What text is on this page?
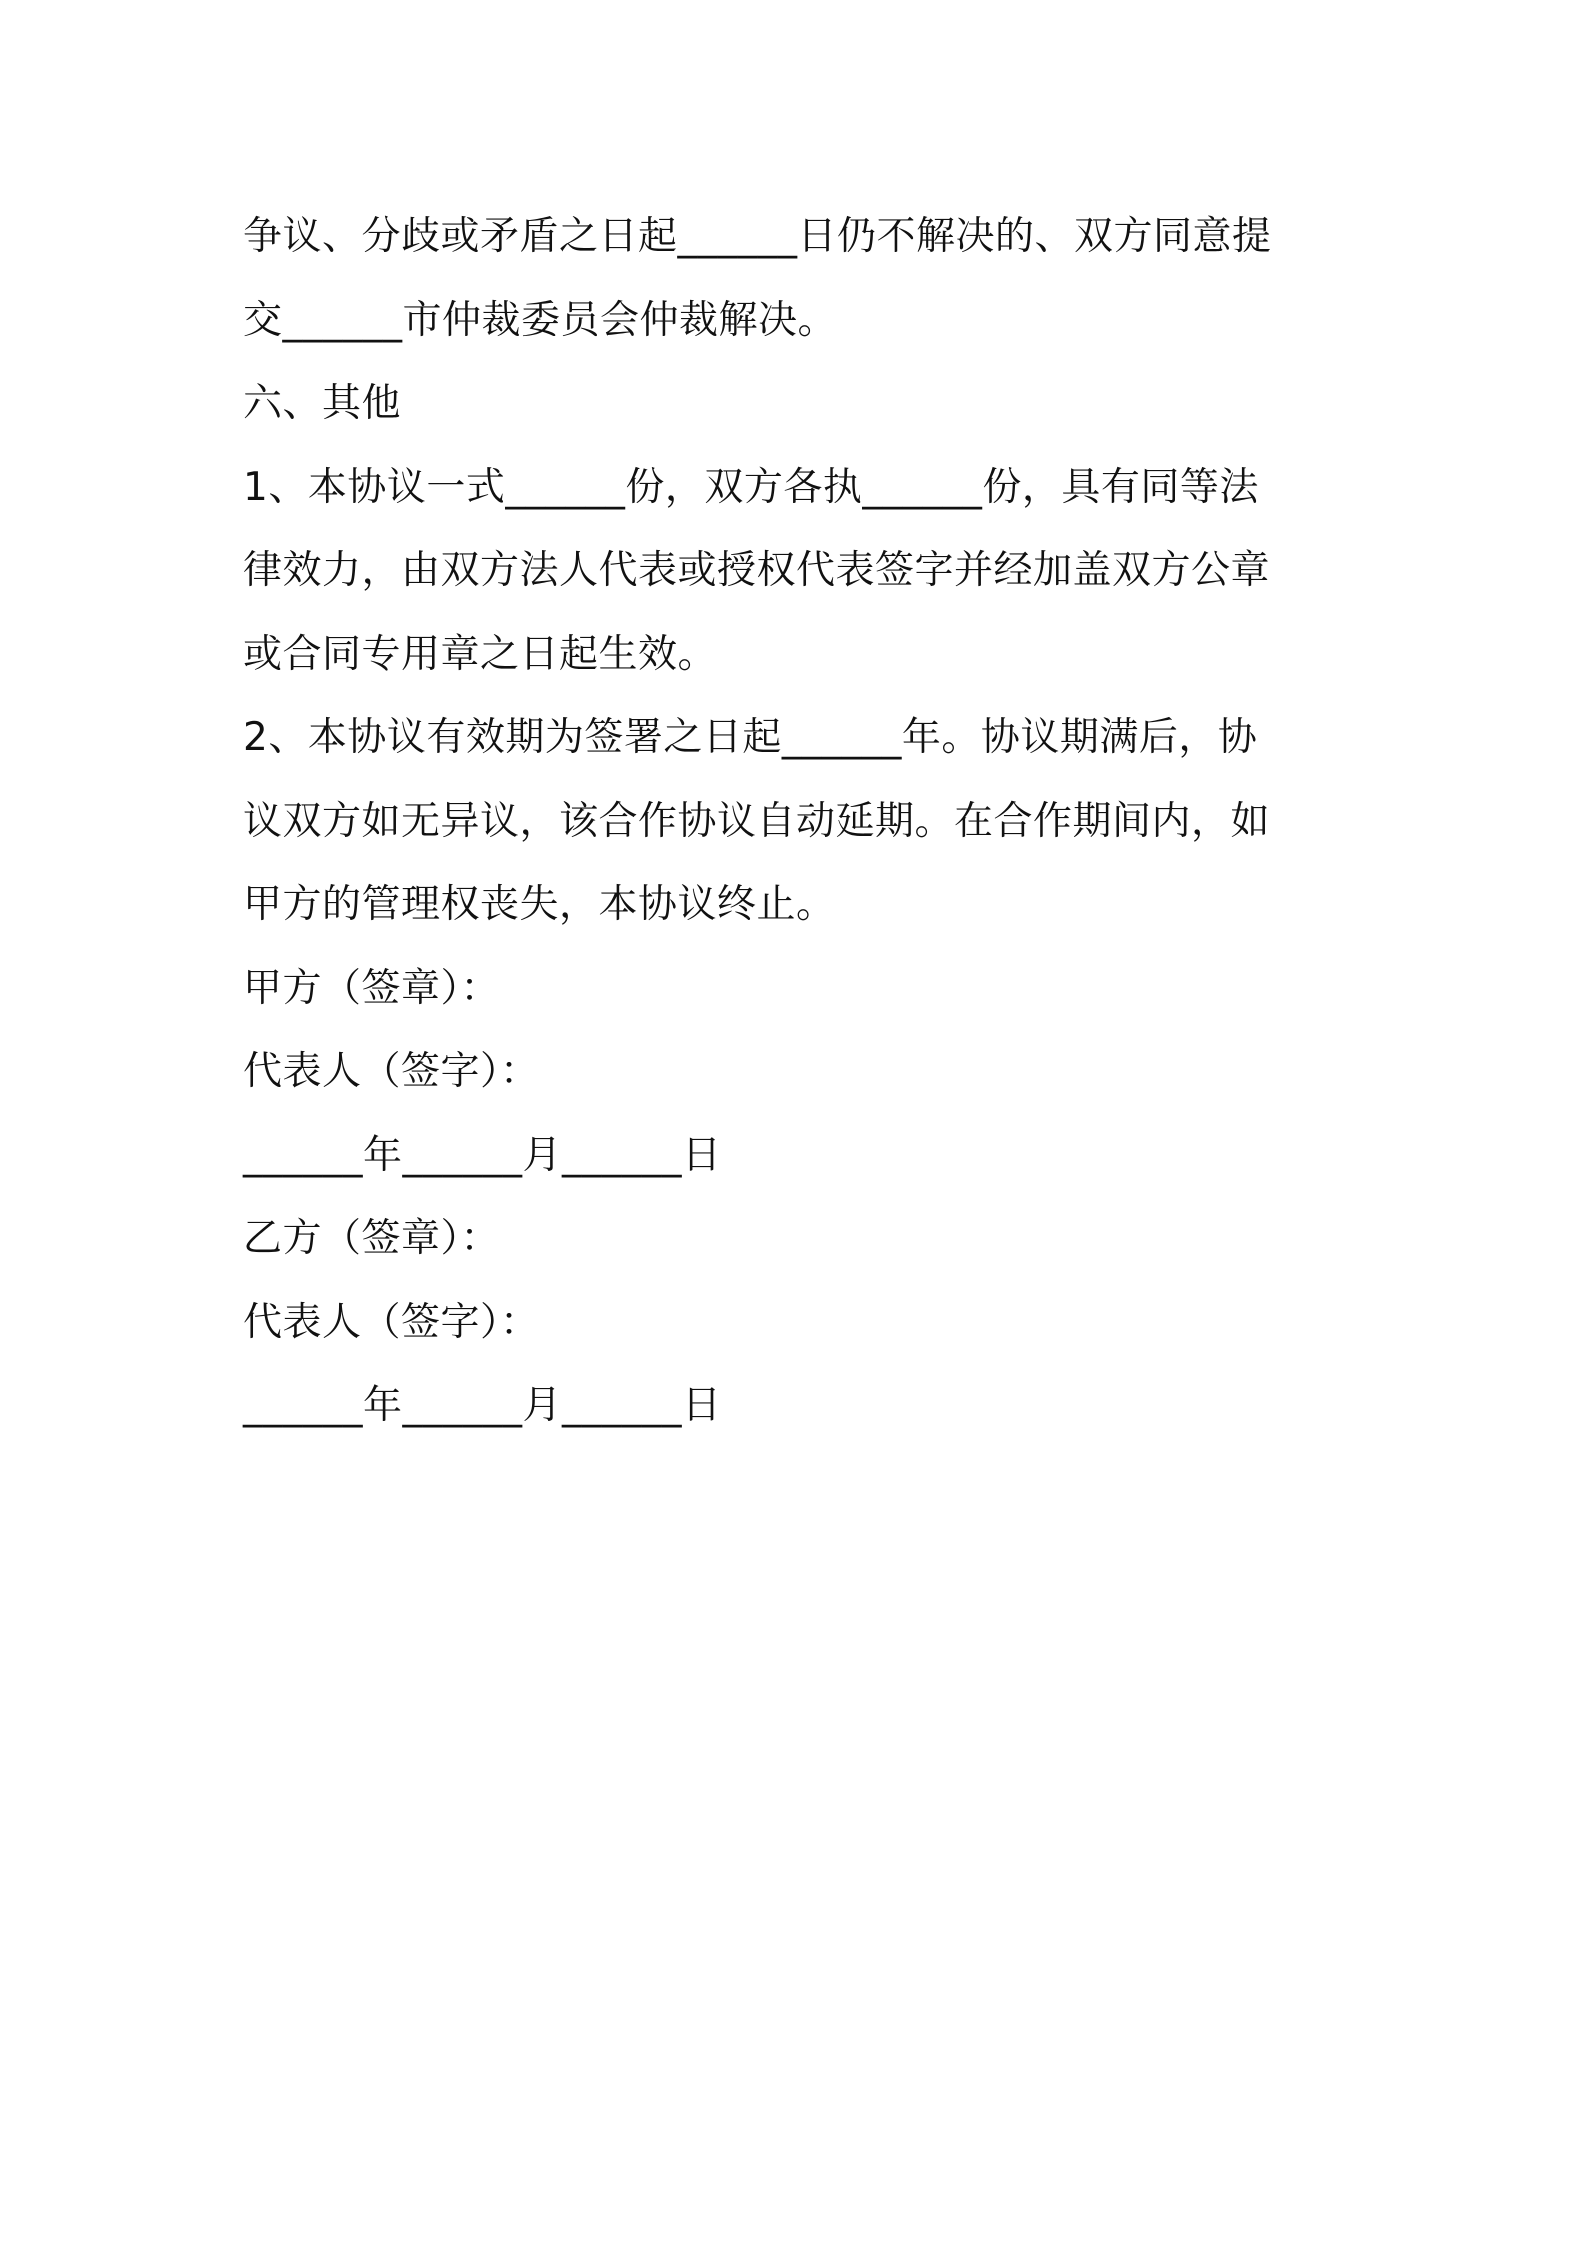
争议、分歧或矛盾之日起______日仍不解决的、双方同意提
交______市仲裁委员会仲裁解决。
六、其他
1、本协议一式______份，双方各执______份，具有同等法
律效力，由双方法人代表或授权代表签字并经加盖双方公章
或合同专用章之日起生效。
2、本协议有效期为签署之日起______年。协议期满后，协
议双方如无异议，该合作协议自动延期。在合作期间内，如
甲方的管理权丧失，本协议终止。
甲方（签章）：
代表人（签字）：
______年______月______日
乙方（签章）：
代表人（签字）：
______年______月______日
